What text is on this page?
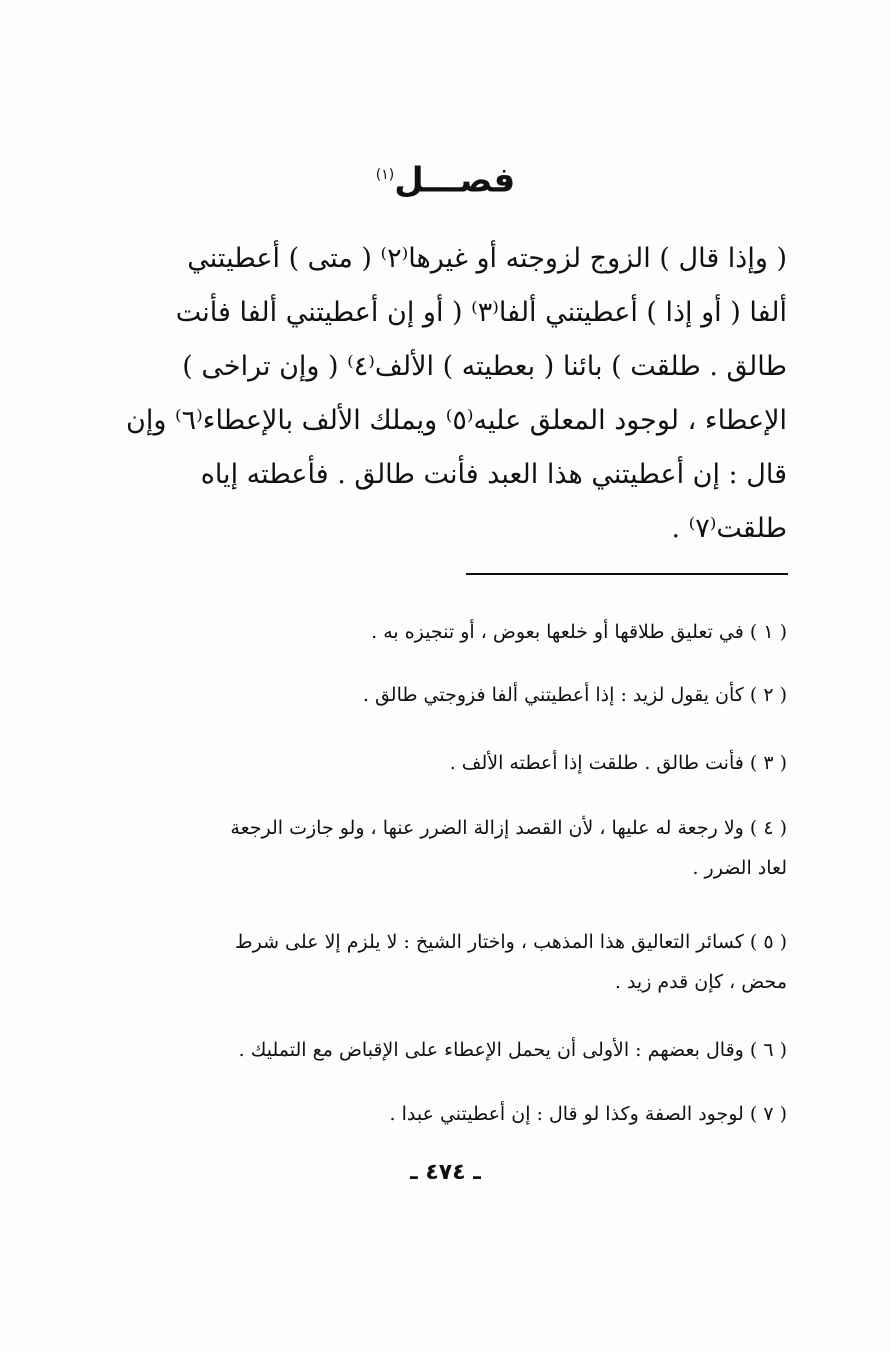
فصـــل$^{(١)}$
( وإذا قال ) الزوج لزوجته أو غيرها⁽٢⁾ ( متى ) أعطيتني
ألفا ( أو إذا ) أعطيتني ألفا⁽٣⁾ ( أو إن أعطيتني ألفا فأنت
طالق . طلقت ) بائنا ( بعطيته ) الألف⁽٤⁾ ( وإن تراخى )
الإعطاء ، لوجود المعلق عليه⁽٥⁾ ويملك الألف بالإعطاء⁽٦⁾ وإن
قال : إن أعطيتني هذا العبد فأنت طالق . فأعطته إياه
طلقت⁽٧⁾ .
( ١ ) في تعليق طلاقها أو خلعها بعوض ، أو تنجيزه به .
( ٢ ) كأن يقول لزيد : إذا أعطيتني ألفا فزوجتي طالق .
( ٣ ) فأنت طالق . طلقت إذا أعطته الألف .
( ٤ ) ولا رجعة له عليها ، لأن القصد إزالة الضرر عنها ، ولو جازت الرجعة
لعاد الضرر .
( ٥ ) كسائر التعاليق هذا المذهب ، واختار الشيخ : لا يلزم إلا على شرط
محض ، كإن قدم زيد .
( ٦ ) وقال بعضهم : الأولى أن يحمل الإعطاء على الإقباض مع التمليك .
( ٧ ) لوجود الصفة وكذا لو قال : إن أعطيتني عبدا .
ـ ٤٧٤ ـ
